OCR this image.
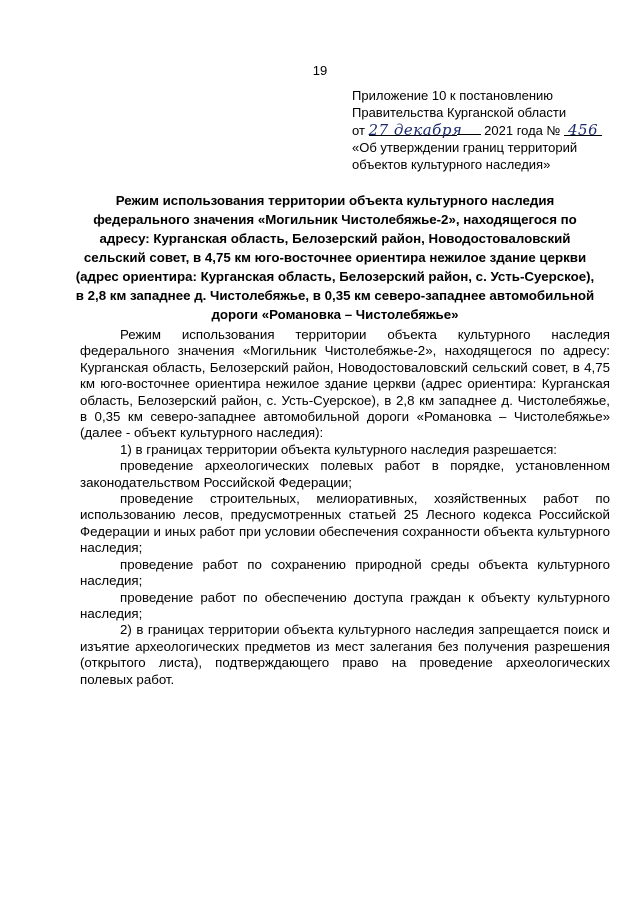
19
Приложение 10 к постановлению
Правительства Курганской области
от 27 декабря 2021 года № 456
«Об утверждении границ территорий
объектов культурного наследия»
Режим использования территории объекта культурного наследия федерального значения «Могильник Чистолебяжье-2», находящегося по адресу: Курганская область, Белозерский район, Новодостоваловский сельский совет, в 4,75 км юго-восточнее ориентира нежилое здание церкви (адрес ориентира: Курганская область, Белозерский район, с. Усть-Суерское), в 2,8 км западнее д. Чистолебяжье, в 0,35 км северо-западнее автомобильной дороги «Романовка – Чистолебяжье»

Режим использования территории объекта культурного наследия федерального значения «Могильник Чистолебяжье-2», находящегося по адресу: Курганская область, Белозерский район, Новодостоваловский сельский совет, в 4,75 км юго-восточнее ориентира нежилое здание церкви (адрес ориентира: Курганская область, Белозерский район, с. Усть-Суерское), в 2,8 км западнее д. Чистолебяжье, в 0,35 км северо-западнее автомобильной дороги «Романовка – Чистолебяжье» (далее - объект культурного наследия):

1) в границах территории объекта культурного наследия разрешается:

проведение археологических полевых работ в порядке, установленном законодательством Российской Федерации;

проведение строительных, мелиоративных, хозяйственных работ по использованию лесов, предусмотренных статьей 25 Лесного кодекса Российской Федерации и иных работ при условии обеспечения сохранности объекта культурного наследия;

проведение работ по сохранению природной среды объекта культурного наследия;

проведение работ по обеспечению доступа граждан к объекту культурного наследия;

2) в границах территории объекта культурного наследия запрещается поиск и изъятие археологических предметов из мест залегания без получения разрешения (открытого листа), подтверждающего право на проведение археологических полевых работ.
